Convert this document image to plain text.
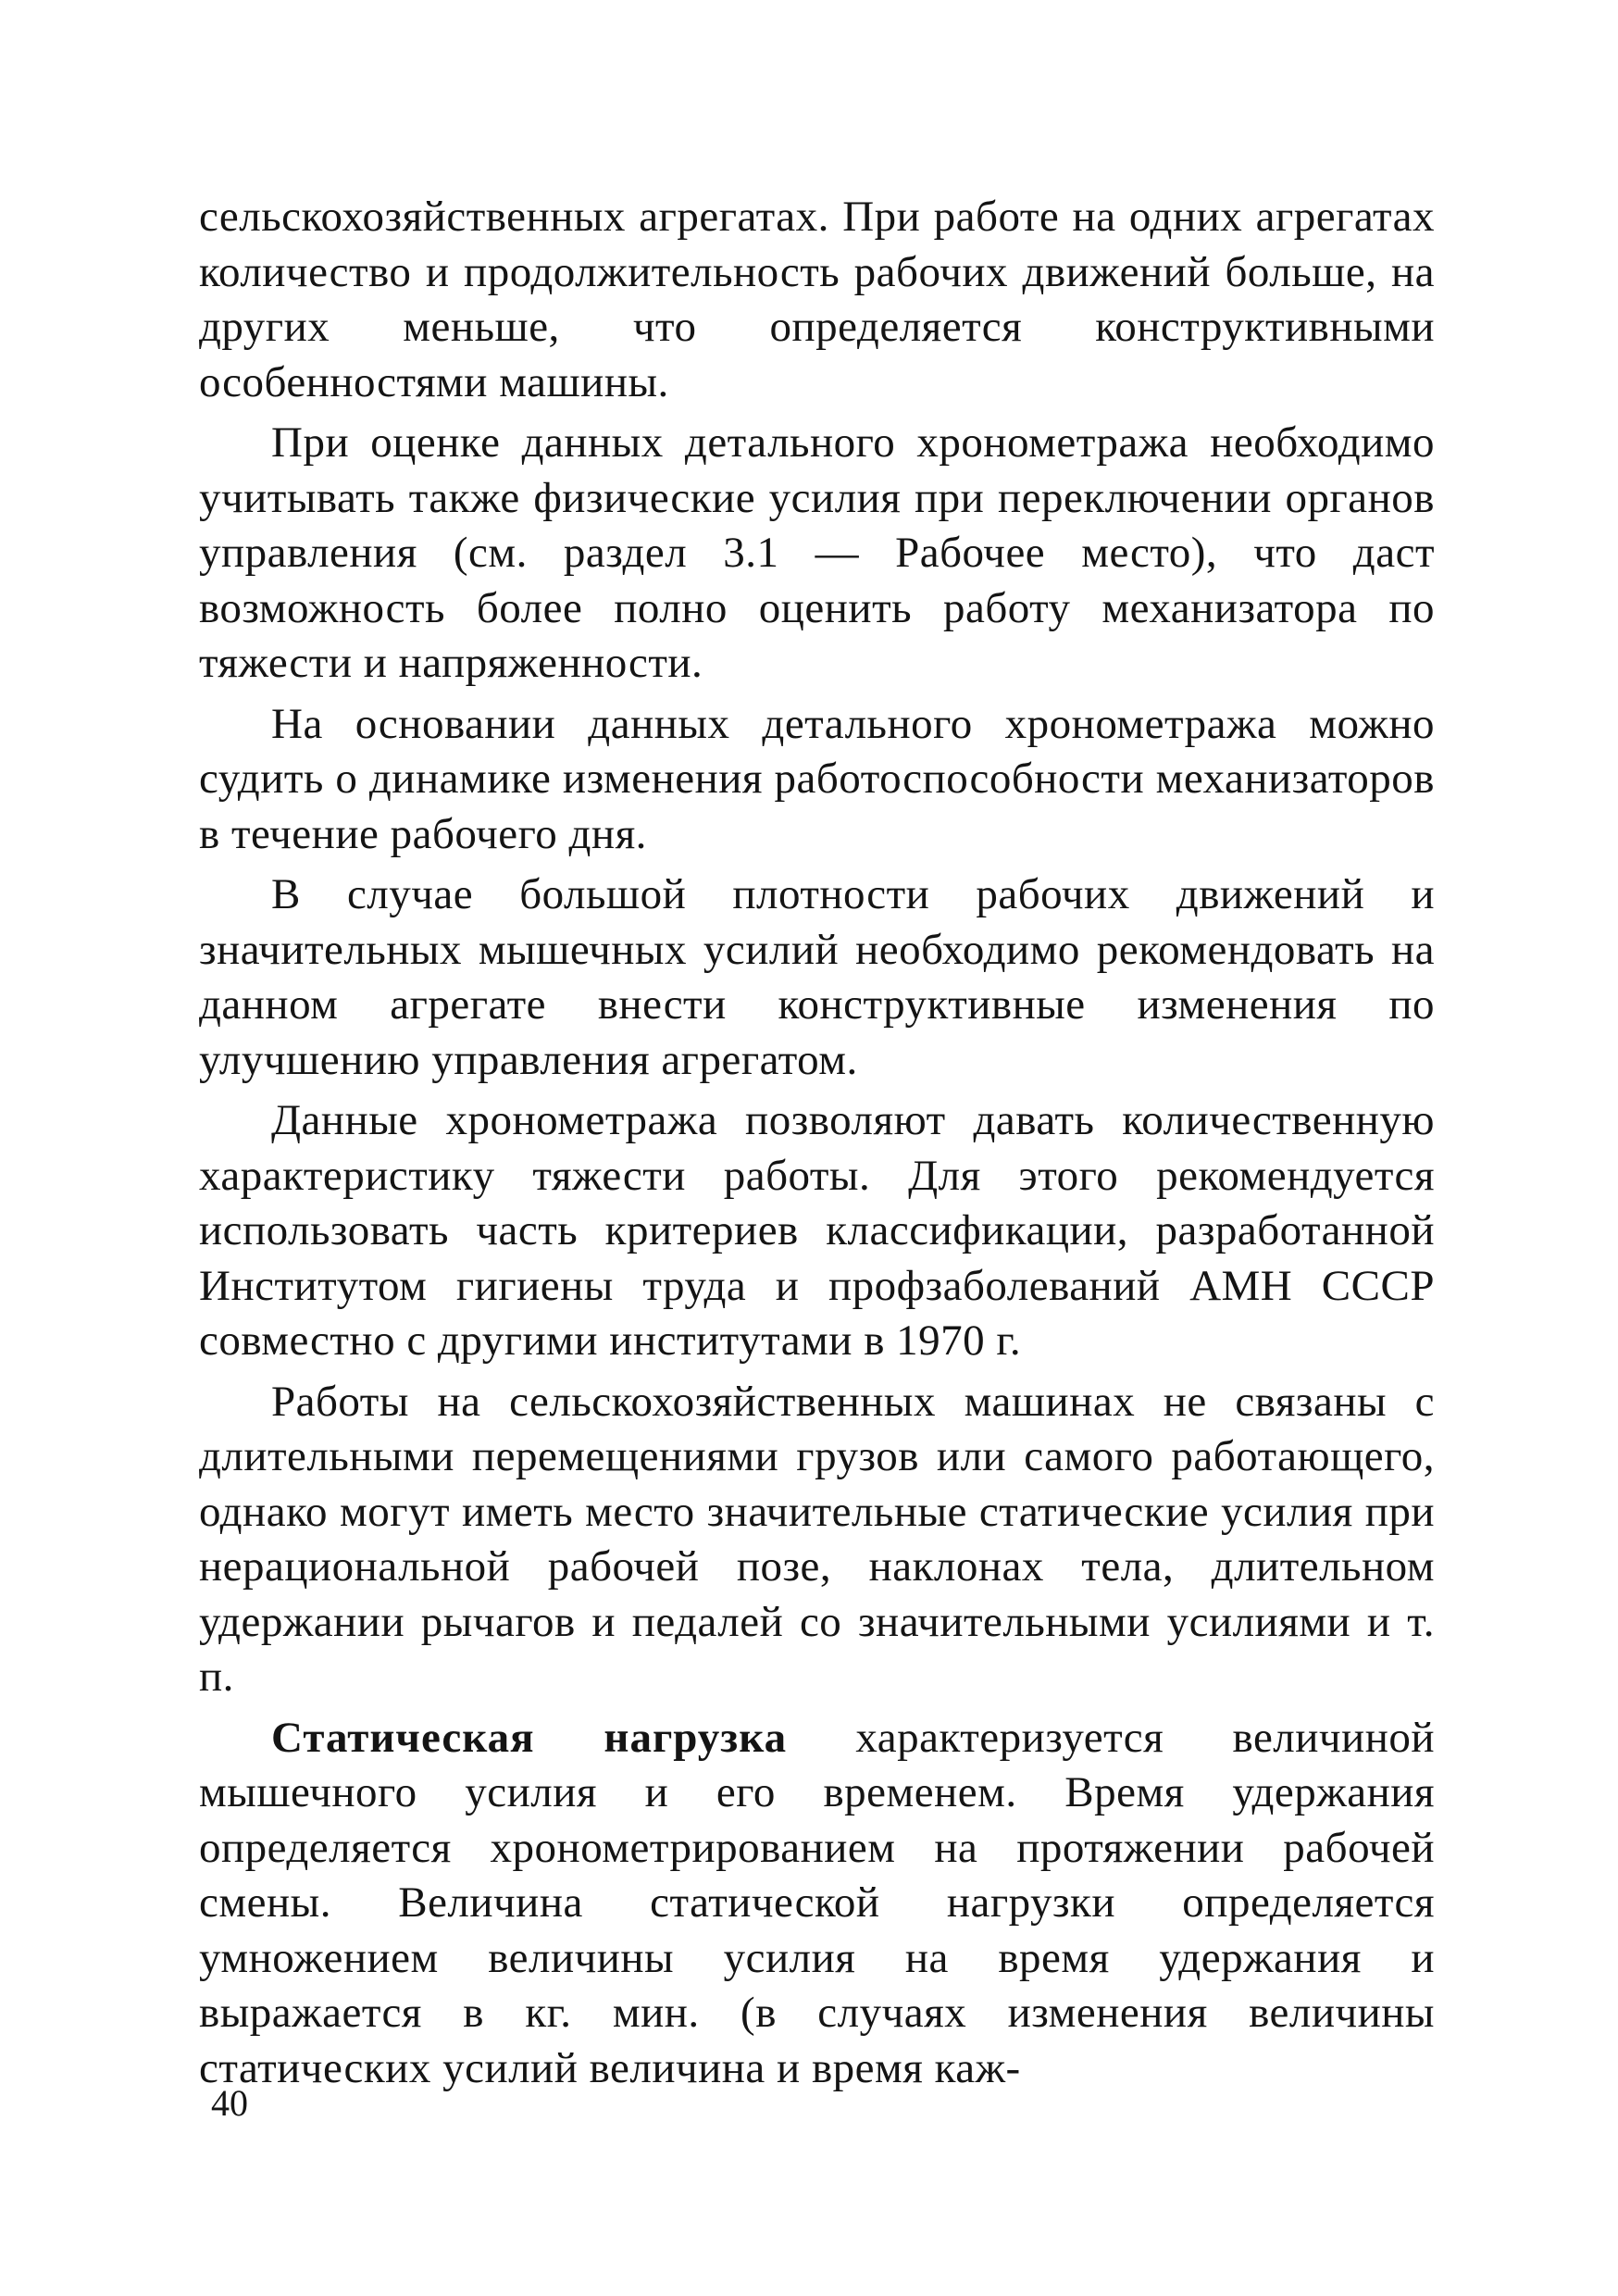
сельскохозяйственных агрегатах. При работе на одних агрегатах количество и продолжительность рабочих движений больше, на других меньше, что определяется конструктивными особенностями машины.

При оценке данных детального хронометража необходимо учитывать также физические усилия при переключении органов управления (см. раздел 3.1 — Рабочее место), что даст возможность более полно оценить работу механизатора по тяжести и напряженности.

На основании данных детального хронометража можно судить о динамике изменения работоспособности механизаторов в течение рабочего дня.

В случае большой плотности рабочих движений и значительных мышечных усилий необходимо рекомендовать на данном агрегате внести конструктивные изменения по улучшению управления агрегатом.

Данные хронометража позволяют давать количественную характеристику тяжести работы. Для этого рекомендуется использовать часть критериев классификации, разработанной Институтом гигиены труда и профзаболеваний АМН СССР совместно с другими институтами в 1970 г.

Работы на сельскохозяйственных машинах не связаны с длительными перемещениями грузов или самого работающего, однако могут иметь место значительные статические усилия при нерациональной рабочей позе, наклонах тела, длительном удержании рычагов и педалей со значительными усилиями и т. п.

Статическая нагрузка характеризуется величиной мышечного усилия и его временем. Время удержания определяется хронометрированием на протяжении рабочей смены. Величина статической нагрузки определяется умножением величины усилия на время удержания и выражается в кг. мин. (в случаях изменения величины статических усилий величина и время каж-

40
